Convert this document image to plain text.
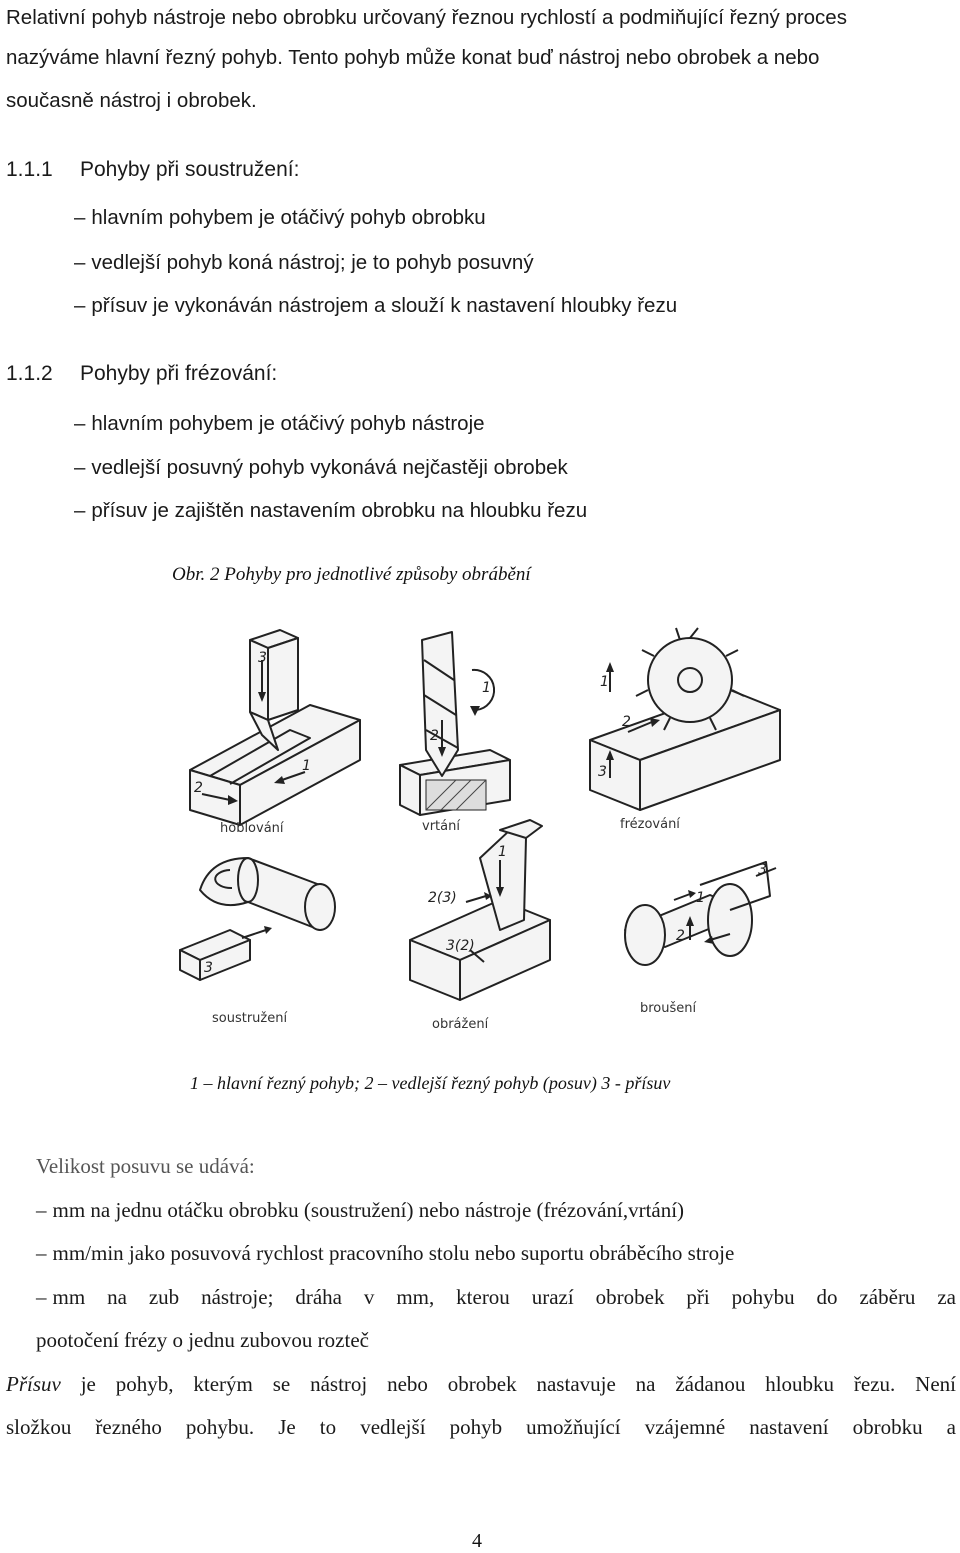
Relativní pohyb nástroje nebo obrobku určovaný řeznou rychlostí a podmiňující řezný proces
nazýváme hlavní řezný pohyb. Tento pohyb může konat buď nástroj nebo obrobek a nebo
současně nástroj i obrobek.
1.1.1 Pohyby při soustružení:
– hlavním pohybem je otáčivý pohyb obrobku
– vedlejší pohyb koná nástroj; je to pohyb posuvný
– přísuv je vykonáván nástrojem a slouží k nastavení hloubky řezu
1.1.2 Pohyby při frézování:
– hlavním pohybem je otáčivý pohyb nástroje
– vedlejší posuvný pohyb vykonává nejčastěji obrobek
– přísuv je zajištěn nastavením obrobku na hloubku řezu
Obr. 2 Pohyby pro jednotlivé způsoby obrábění
3
1
2
hoblování
1
2
vrtání
1
2
3
frézování
3
soustružení
1
2(3)
3(2)
obrážení
1
2
3
broušení
1 – hlavní řezný pohyb; 2 – vedlejší řezný pohyb (posuv) 3 - přísuv
Velikost posuvu se udává:
– mm na jednu otáčku obrobku (soustružení) nebo nástroje (frézování,vrtání)
– mm/min jako posuvová rychlost pracovního stolu nebo suportu obráběcího stroje
– mm na zub nástroje; dráha v mm, kterou urazí obrobek při pohybu do záběru za
pootočení frézy o jednu zubovou rozteč
Přísuv je pohyb, kterým se nástroj nebo obrobek nastavuje na žádanou hloubku řezu. Není
složkou řezného pohybu. Je to vedlejší pohyb umožňující vzájemné nastavení obrobku a
4
